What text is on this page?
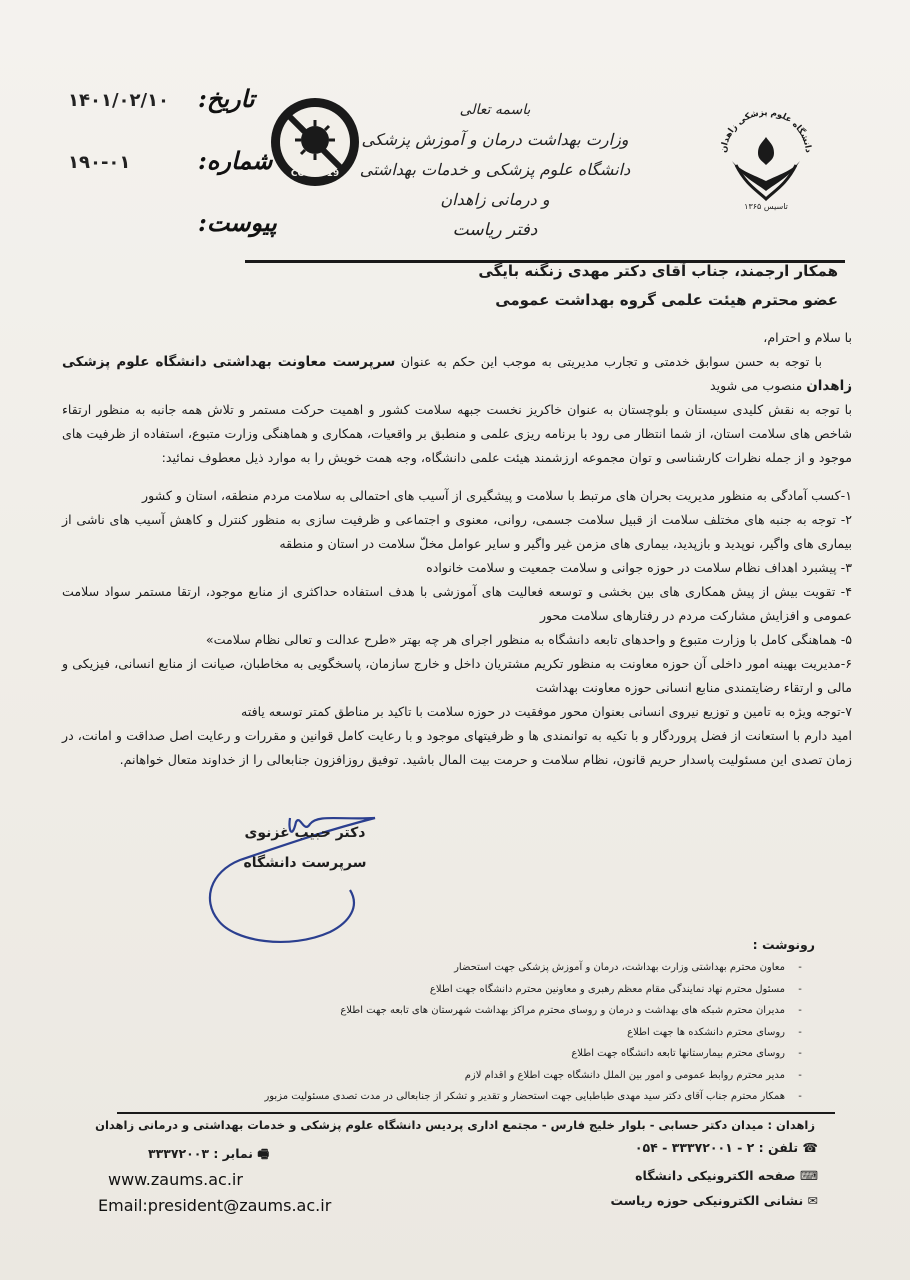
۱۴۰۱/۰۲/۱۰ تاریخ:
۱۹۰-۰۱	شماره:
پیوست:
COVID-19
باسمه تعالی
وزارت بهداشت درمان و آموزش پزشکی
دانشگاه علوم پزشکی و خدمات بهداشتی و درمانی زاهدان
دفتر ریاست
دانشگاه علوم پزشکی زاهدان
تاسیس ۱۳۶۵
همکار ارجمند، جناب آقای دکتر مهدی زنگنه بایگی
عضو محترم هیئت علمی گروه بهداشت عمومی

با سلام و احترام،

با توجه به حسن سوابق خدمتی و تجارب مدیریتی به موجب این حکم به عنوان سرپرست معاونت بهداشتی دانشگاه علوم پزشکی زاهدان منصوب می شوید

با توجه به نقش کلیدی سیستان و بلوچستان به عنوان خاکریز نخست جبهه سلامت کشور و اهمیت حرکت مستمر و تلاش همه جانبه به منظور ارتقاء شاخص های سلامت استان، از شما انتظار می رود با برنامه ریزی علمی و منطبق بر واقعیات، همکاری و هماهنگی وزارت متبوع، استفاده از ظرفیت های موجود و از جمله نظرات کارشناسی و توان مجموعه ارزشمند هیئت علمی دانشگاه، وجه همت خویش را به موارد ذیل معطوف نمائید:

۱-کسب آمادگی به منظور مدیریت بحران های مرتبط با سلامت و پیشگیری از آسیب های احتمالی به سلامت مردم منطقه، استان و کشور

۲- توجه به جنبه های مختلف سلامت از قبیل سلامت جسمی، روانی، معنوی و اجتماعی و ظرفیت سازی به منظور کنترل و کاهش آسیب های ناشی از بیماری های واگیر، نوپدید و بازپدید، بیماری های مزمن غیر واگیر و سایر عوامل مخلّ سلامت در استان و منطقه

۳- پیشبرد اهداف نظام سلامت در حوزه جوانی و سلامت جمعیت و سلامت خانواده

۴- تقویت بیش از پیش همکاری های بین بخشی و توسعه فعالیت های آموزشی با هدف استفاده حداکثری از منابع موجود، ارتقا مستمر سواد سلامت عمومی و افزایش مشارکت مردم در رفتارهای سلامت محور

۵- هماهنگی کامل با وزارت متبوع و واحدهای تابعه دانشگاه به منظور اجرای هر چه بهتر «طرح عدالت و تعالی نظام سلامت»

۶-مدیریت بهینه امور داخلی آن حوزه معاونت به منظور تکریم مشتریان داخل و خارج سازمان، پاسخگویی به مخاطبان، صیانت از منابع انسانی، فیزیکی و مالی و ارتقاء رضایتمندی منابع انسانی حوزه معاونت بهداشت

۷-توجه ویژه به تامین و توزیع نیروی انسانی بعنوان محور موفقیت در حوزه سلامت با تاکید بر مناطق کمتر توسعه یافته

امید دارم با استعانت از فضل پروردگار و با تکیه به توانمندی ها و ظرفیتهای موجود و با رعایت کامل قوانین و مقررات و رعایت اصل صداقت و امانت، در زمان تصدی این مسئولیت پاسدار حریم قانون، نظام سلامت و حرمت بیت المال باشید. توفیق روزافزون جنابعالی را از خداوند متعال خواهانم.

دکتر حبیب غزنوی
سرپرست دانشگاه
رونوشت :
-
معاون محترم بهداشتی وزارت بهداشت، درمان و آموزش پزشکی جهت استحضار
-
مسئول محترم نهاد نمایندگی مقام معظم رهبری و معاونین محترم دانشگاه جهت اطلاع
-
مدیران محترم شبکه های بهداشت و درمان و روسای محترم مراکز بهداشت شهرستان های تابعه جهت اطلاع
-
روسای محترم دانشکده ها جهت اطلاع
-
روسای محترم بیمارستانها تابعه دانشگاه جهت اطلاع
-
مدیر محترم روابط عمومی و امور بین الملل دانشگاه جهت اطلاع و اقدام لازم
-
همکار محترم جناب آقای دکتر سید مهدی طباطبایی جهت استحضار و تقدیر و تشکر از جنابعالی در مدت تصدی مسئولیت مزبور
زاهدان : میدان دکتر حسابی - بلوار خلیج فارس - مجتمع اداری پردیس دانشگاه علوم پزشکی و خدمات بهداشتی و درمانی زاهدان
☎ تلفن : ۲ - ۳۳۳۷۲۰۰۱ - ۰۵۴
🖷 نمابر : ۳۳۳۷۲۰۰۳
⌨ صفحه الکترونیکی دانشگاه
www.zaums.ac.ir
✉ نشانی الکترونیکی حوزه ریاست
Email:president@zaums.ac.ir
